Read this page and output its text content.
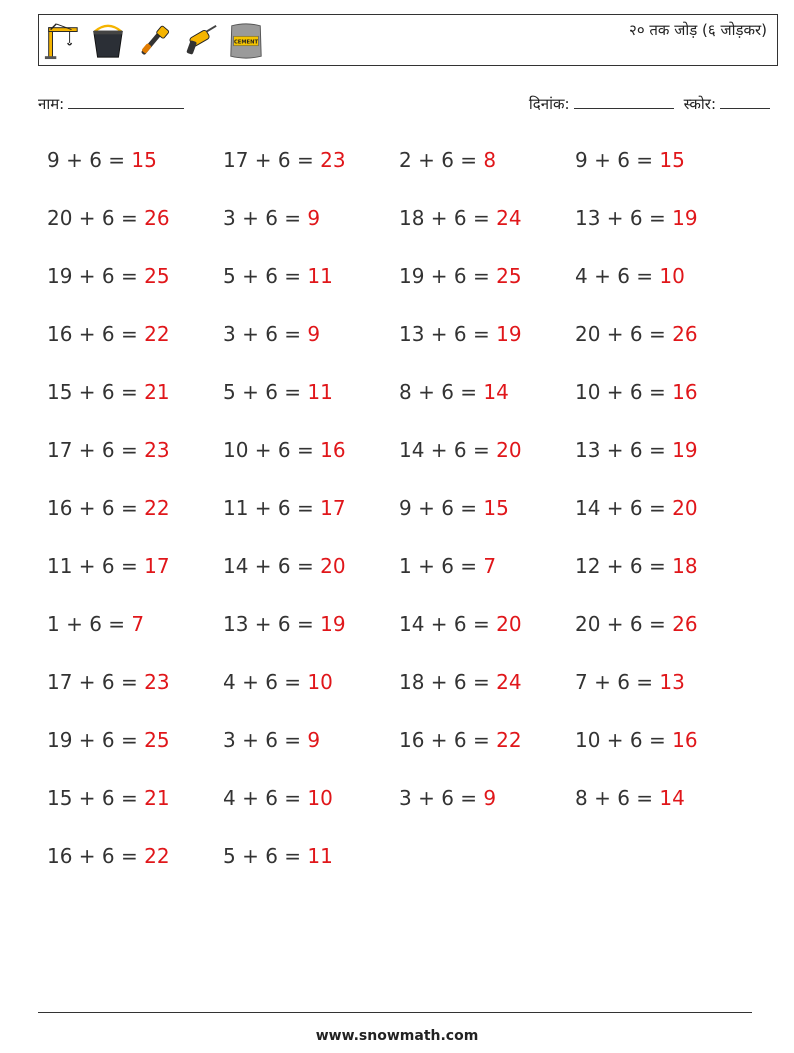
CEMENT
२० तक जोड़ (६ जोड़कर)
नाम:	दिनांक:	स्कोर:
9 + 6 = 15	17 + 6 = 23	2 + 6 = 8	9 + 6 = 15
20 + 6 = 26	3 + 6 = 9	18 + 6 = 24	13 + 6 = 19
19 + 6 = 25	5 + 6 = 11	19 + 6 = 25	4 + 6 = 10
16 + 6 = 22	3 + 6 = 9	13 + 6 = 19	20 + 6 = 26
15 + 6 = 21	5 + 6 = 11	8 + 6 = 14	10 + 6 = 16
17 + 6 = 23	10 + 6 = 16	14 + 6 = 20	13 + 6 = 19
16 + 6 = 22	11 + 6 = 17	9 + 6 = 15	14 + 6 = 20
11 + 6 = 17	14 + 6 = 20	1 + 6 = 7	12 + 6 = 18
1 + 6 = 7	13 + 6 = 19	14 + 6 = 20	20 + 6 = 26
17 + 6 = 23	4 + 6 = 10	18 + 6 = 24	7 + 6 = 13
19 + 6 = 25	3 + 6 = 9	16 + 6 = 22	10 + 6 = 16
15 + 6 = 21	4 + 6 = 10	3 + 6 = 9	8 + 6 = 14
16 + 6 = 22	5 + 6 = 11
www.snowmath.com
